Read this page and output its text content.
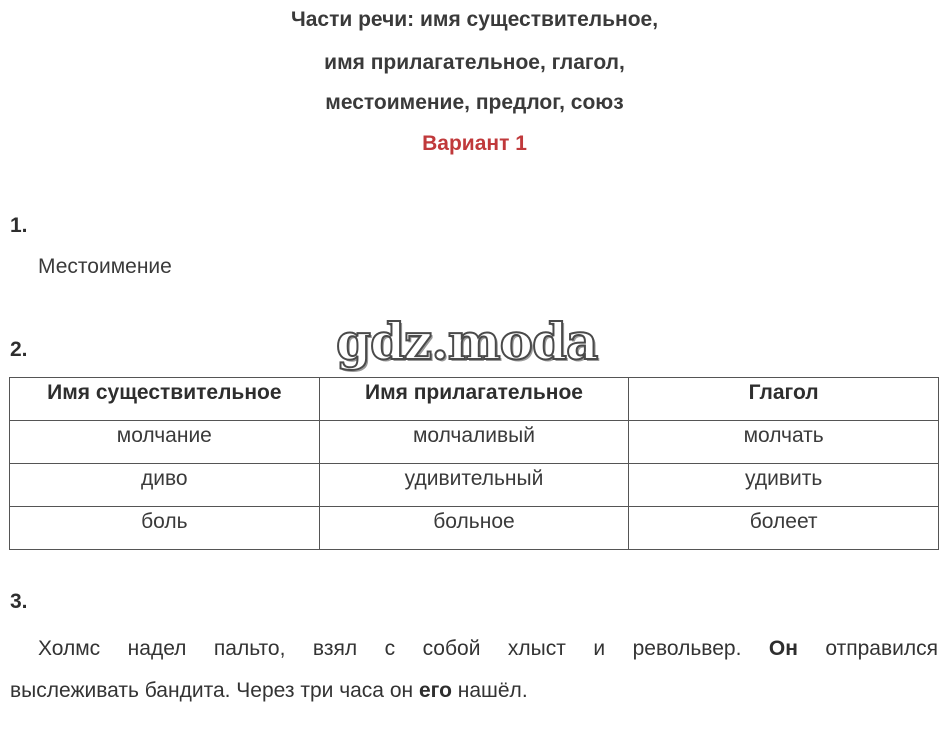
Части речи: имя существительное,
имя прилагательное, глагол,
местоимение, предлог, союз
Вариант 1
1.
Местоимение
2.	gdz.moda
Имя существительное	Имя прилагательное	Глагол
молчание	молчаливый	молчать
диво	удивительный	удивить
боль	больное	болеет
3.
Холмс надел пальто, взял с собой хлыст и револьвер. Он отправился
выслеживать бандита. Через три часа он его нашёл.
